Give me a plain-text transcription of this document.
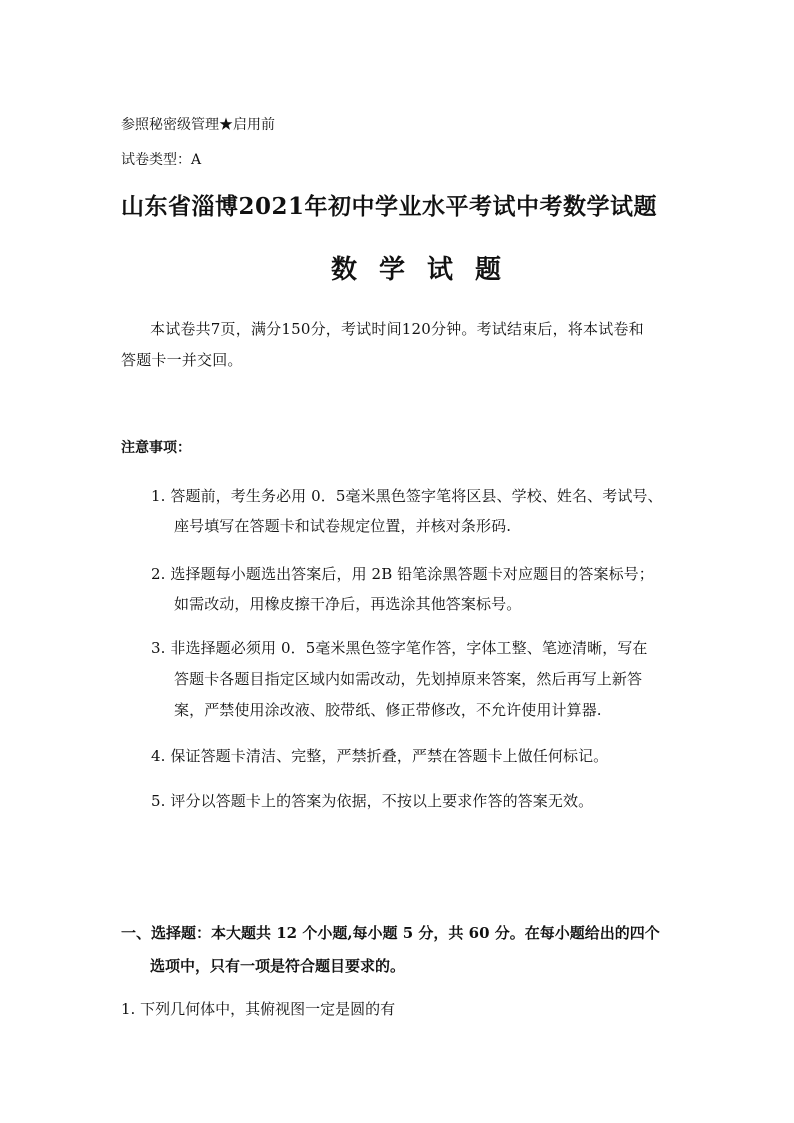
参照秘密级管理★启用前

试卷类型：A

山东省淄博2021年初中学业水平考试中考数学试题
数学试题

本试卷共7页，满分150分，考试时间120分钟。考试结束后，将本试卷和

答题卡一并交回。

注意事项：

1. 答题前，考生务必用 0．5毫米黑色签字笔将区县、学校、姓名、考试号、

座号填写在答题卡和试卷规定位置，并核对条形码.

2. 选择题每小题选出答案后，用 2B 铅笔涂黑答题卡对应题目的答案标号；

如需改动，用橡皮擦干净后，再选涂其他答案标号。

3. 非选择题必须用 0．5毫米黑色签字笔作答，字体工整、笔迹清晰，写在

答题卡各题目指定区域内如需改动，先划掉原来答案，然后再写上新答

案，严禁使用涂改液、胶带纸、修正带修改，不允许使用计算器.

4. 保证答题卡清洁、完整，严禁折叠，严禁在答题卡上做任何标记。

5. 评分以答题卡上的答案为依据，不按以上要求作答的答案无效。

一、选择题：本大题共 12 个小题,每小题 5 分，共 60 分。在每小题给出的四个

选项中，只有一项是符合题目要求的。

1. 下列几何体中，其俯视图一定是圆的有
